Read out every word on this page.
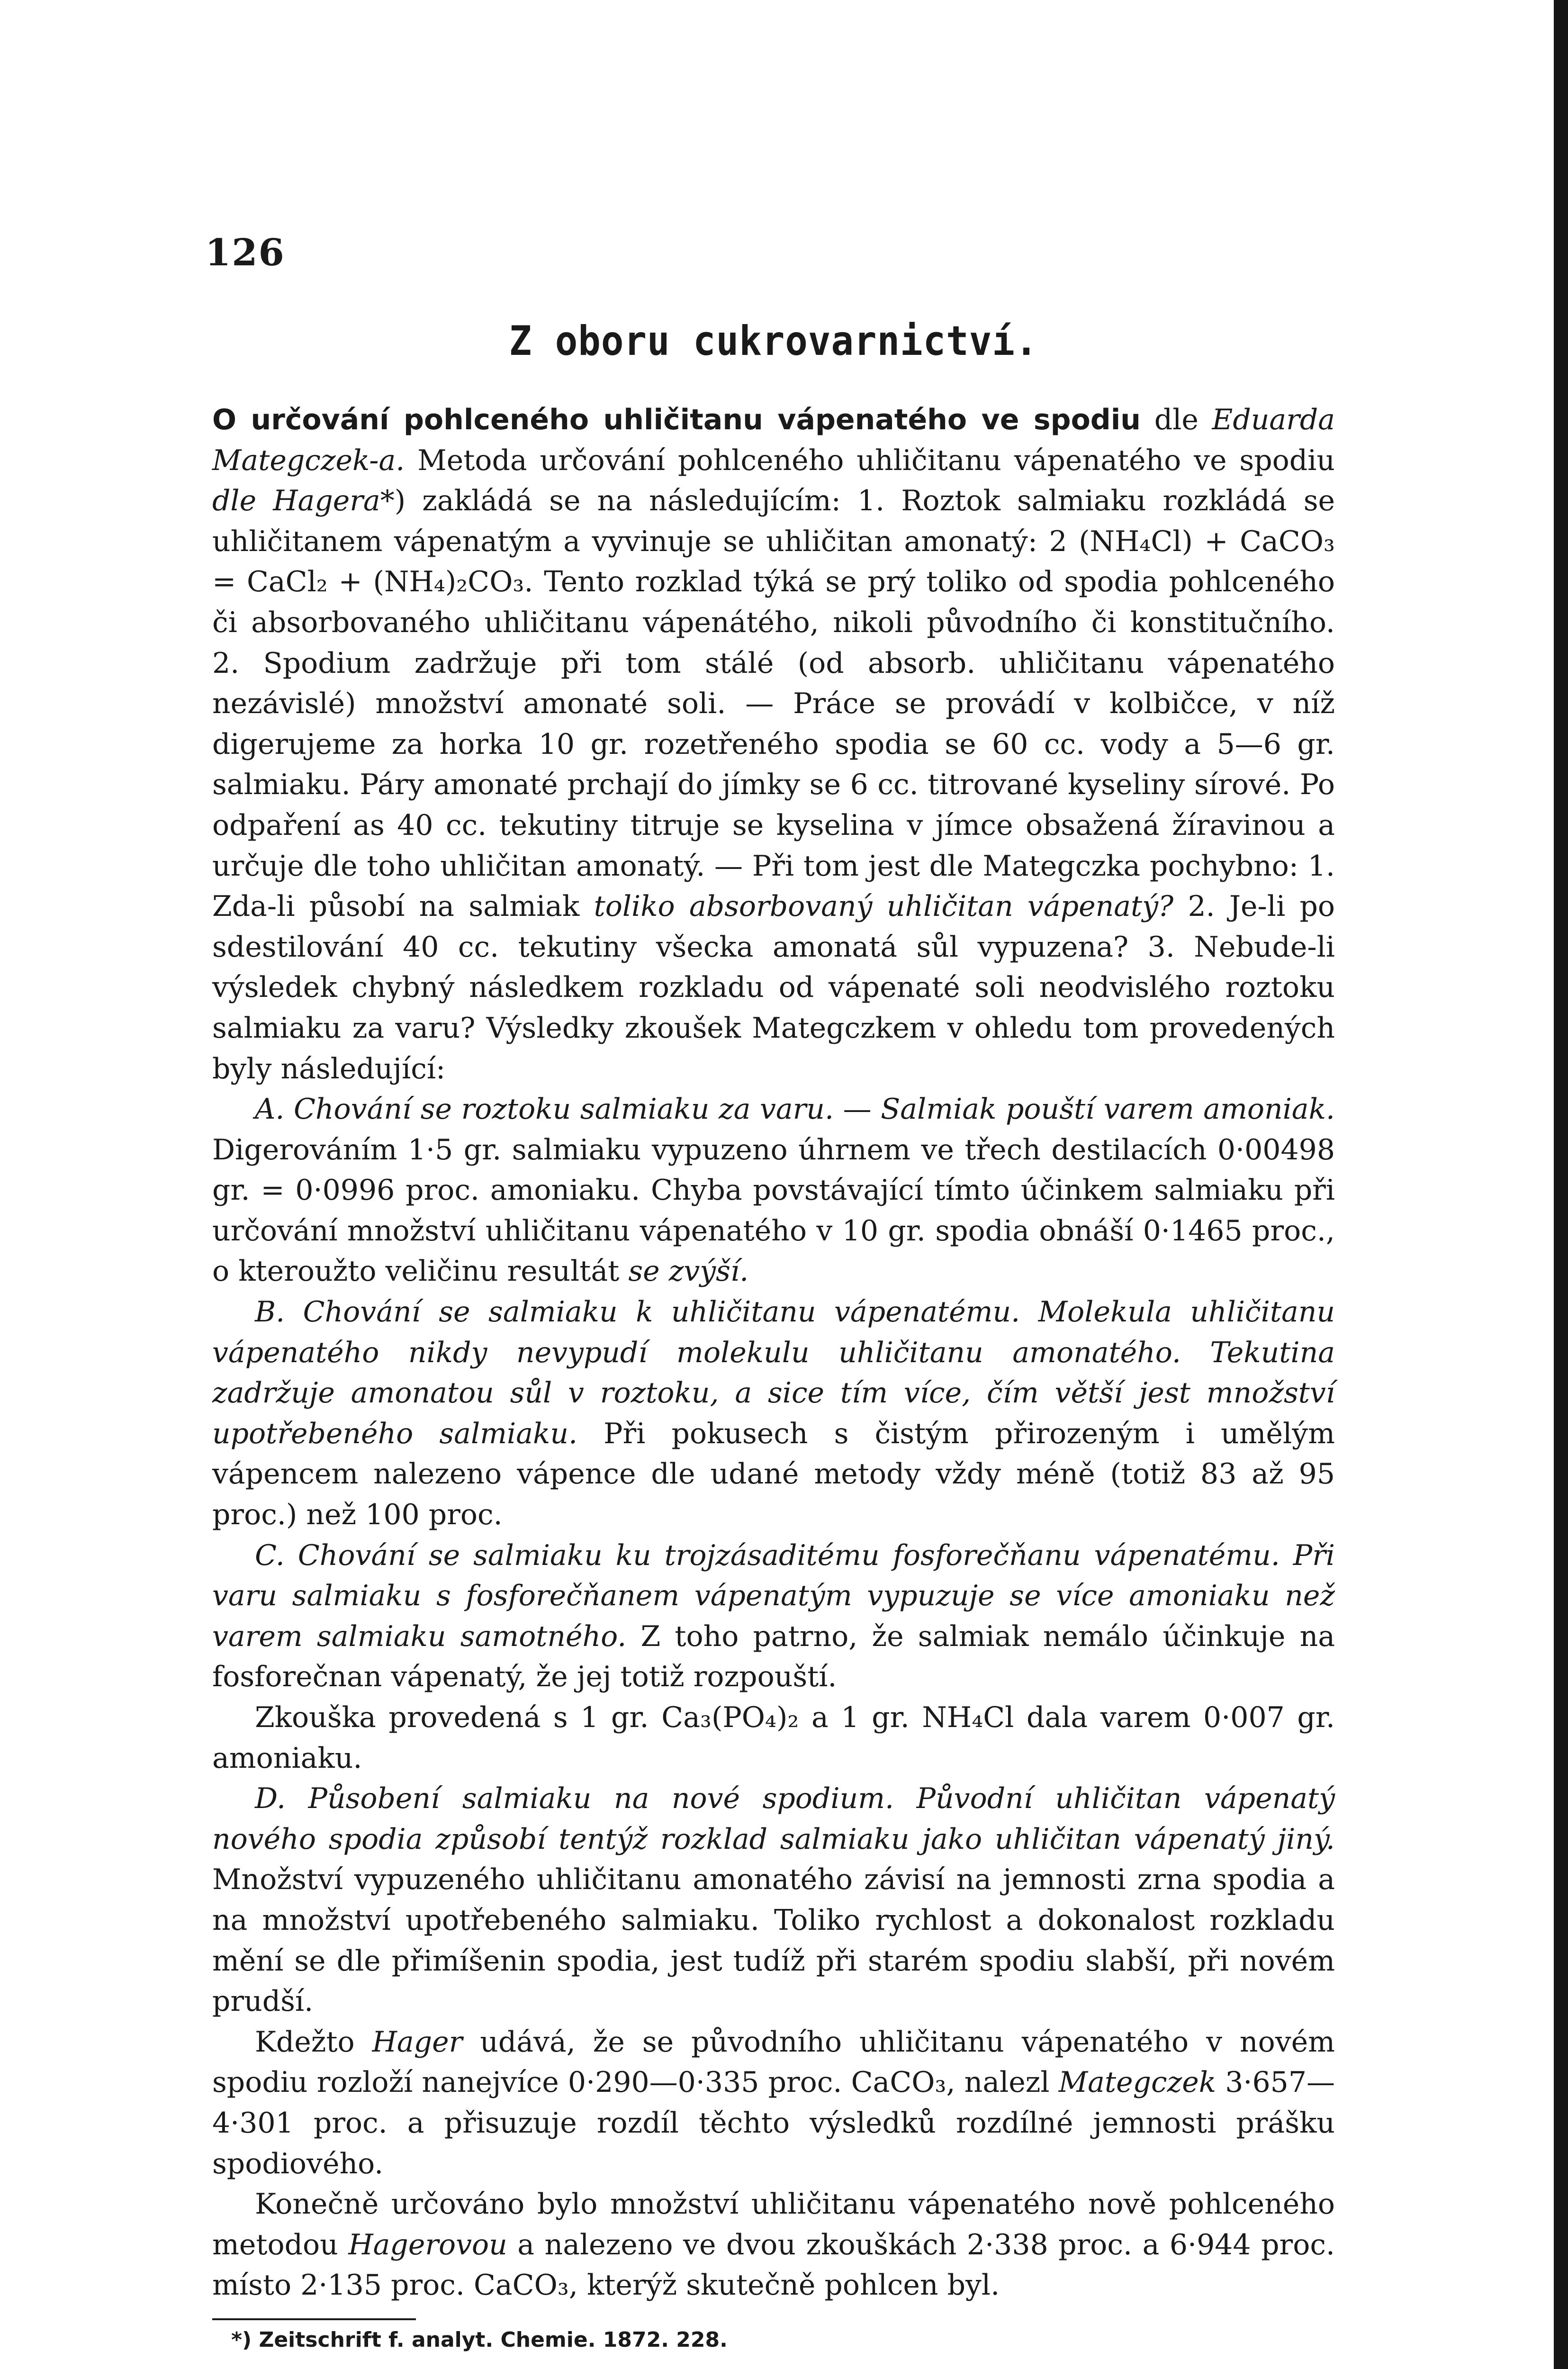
126
Z oboru cukrovarnictví.

O určování pohlceného uhličitanu vápenatého ve spodiu dle Eduarda Mategczek-a. Metoda určování pohlceného uhličitanu vápenatého ve spodiu dle Hagera*) zakládá se na následujícím: 1. Roztok salmiaku rozkládá se uhličitanem vápenatým a vyvinuje se uhličitan amonatý: 2 (NH₄Cl) + CaCO₃ = CaCl₂ + (NH₄)₂CO₃. Tento rozklad týká se prý toliko od spodia pohlceného či absorbovaného uhličitanu vápenátého, nikoli původního či konstitučního. 2. Spodium zadržuje při tom stálé (od absorb. uhličitanu vápenatého nezávislé) množství amonaté soli. — Práce se provádí v kolbičce, v níž digerujeme za horka 10 gr. rozetřeného spodia se 60 cc. vody a 5—6 gr. salmiaku. Páry amonaté prchají do jímky se 6 cc. titrované kyseliny sírové. Po odpaření as 40 cc. tekutiny titruje se kyselina v jímce obsažená žíravinou a určuje dle toho uhličitan amonatý. — Při tom jest dle Mategczka pochybno: 1. Zda-li působí na salmiak toliko absorbovaný uhličitan vápenatý? 2. Je-li po sdestilování 40 cc. tekutiny všecka amonatá sůl vypuzena? 3. Nebude-li výsledek chybný následkem rozkladu od vápenaté soli neodvislého roztoku salmiaku za varu? Výsledky zkoušek Mategczkem v ohledu tom provedených byly následující:

A. Chování se roztoku salmiaku za varu. — Salmiak pouští varem amoniak. Digerováním 1·5 gr. salmiaku vypuzeno úhrnem ve třech destilacích 0·00498 gr. = 0·0996 proc. amoniaku. Chyba povstávající tímto účinkem salmiaku při určování množství uhličitanu vápenatého v 10 gr. spodia obnáší 0·1465 proc., o kteroužto veličinu resultát se zvýší.

B. Chování se salmiaku k uhličitanu vápenatému. Molekula uhličitanu vápenatého nikdy nevypudí molekulu uhličitanu amonatého. Tekutina zadržuje amonatou sůl v roztoku, a sice tím více, čím větší jest množství upotřebeného salmiaku. Při pokusech s čistým přirozeným i umělým vápencem nalezeno vápence dle udané metody vždy méně (totiž 83 až 95 proc.) než 100 proc.

C. Chování se salmiaku ku trojzásaditému fosforečňanu vápenatému. Při varu salmiaku s fosforečňanem vápenatým vypuzuje se více amoniaku než varem salmiaku samotného. Z toho patrno, že salmiak nemálo účinkuje na fosforečnan vápenatý, že jej totiž rozpouští.

Zkouška provedená s 1 gr. Ca₃(PO₄)₂ a 1 gr. NH₄Cl dala varem 0·007 gr. amoniaku.

D. Působení salmiaku na nové spodium. Původní uhličitan vápenatý nového spodia způsobí tentýž rozklad salmiaku jako uhličitan vápenatý jiný. Množství vypuzeného uhličitanu amonatého závisí na jemnosti zrna spodia a na množství upotřebeného salmiaku. Toliko rychlost a dokonalost rozkladu mění se dle přimíšenin spodia, jest tudíž při starém spodiu slabší, při novém prudší.

Kdežto Hager udává, že se původního uhličitanu vápenatého v novém spodiu rozloží nanejvíce 0·290—0·335 proc. CaCO₃, nalezl Mategczek 3·657—4·301 proc. a přisuzuje rozdíl těchto výsledků rozdílné jemnosti prášku spodiového.

Konečně určováno bylo množství uhličitanu vápenatého nově pohlceného metodou Hagerovou a nalezeno ve dvou zkouškách 2·338 proc. a 6·944 proc. místo 2·135 proc. CaCO₃, kterýž skutečně pohlcen byl.

*) Zeitschrift f. analyt. Chemie. 1872. 228.
